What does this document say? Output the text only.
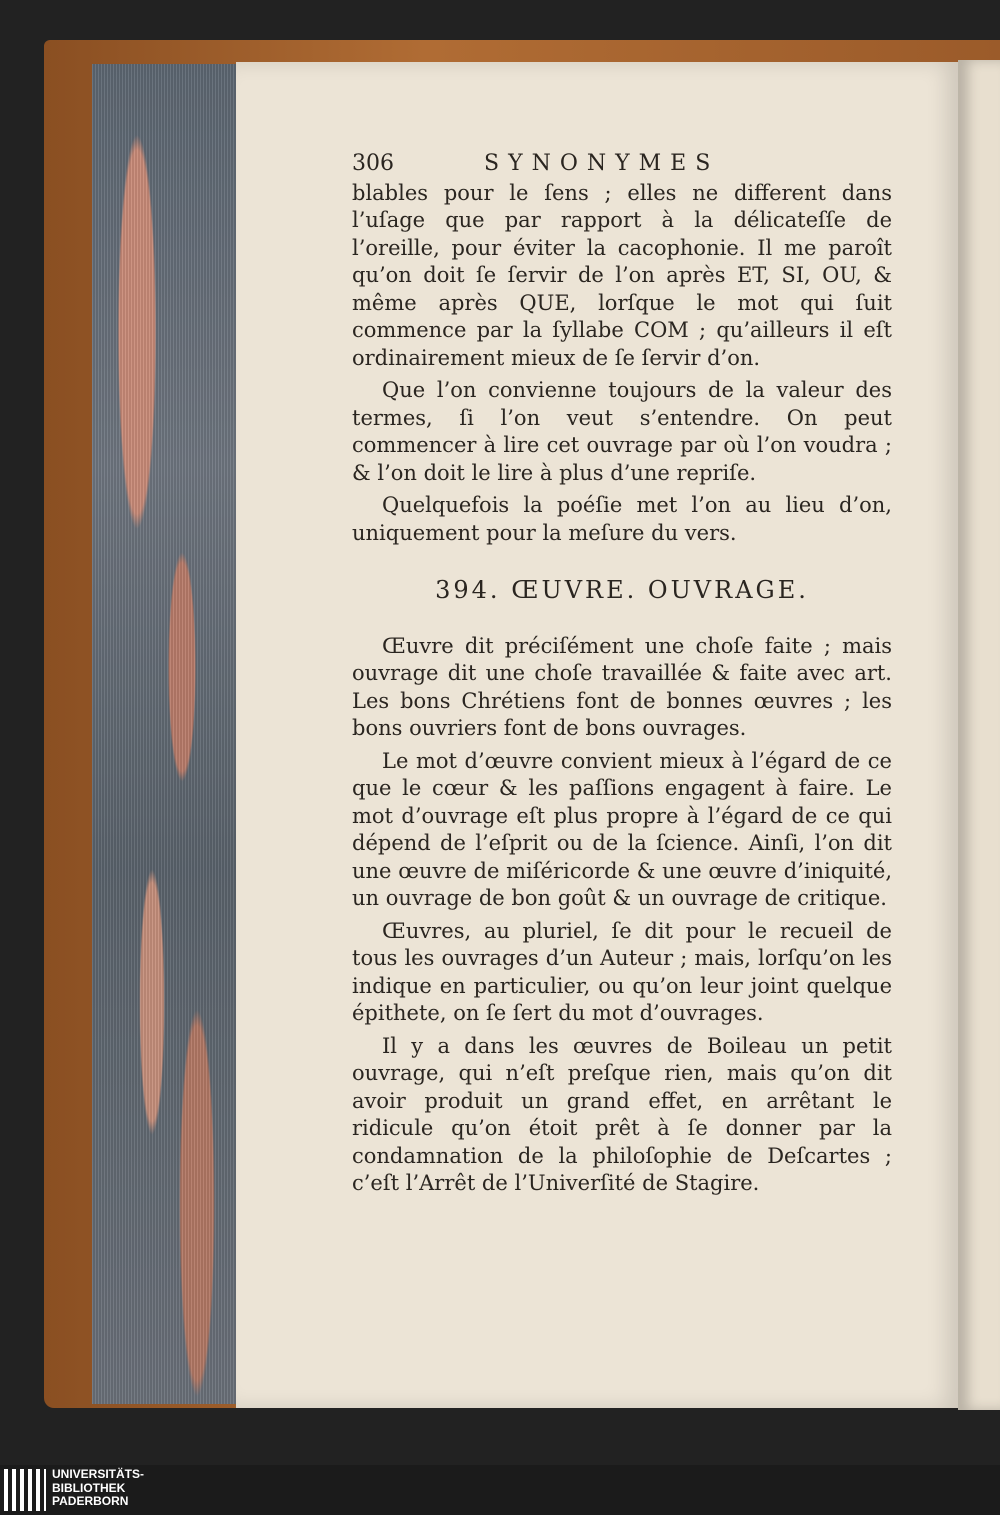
306	SYNONYMES

blables pour le ſens ; elles ne different dans l’uſage que par rapport à la délicateſſe de l’oreille, pour éviter la cacophonie. Il me paroît qu’on doit ſe ſervir de l’on après ET, SI, OU, & même après QUE, lorſque le mot qui ſuit commence par la ſyllabe COM ; qu’ailleurs il eſt ordinairement mieux de ſe ſervir d’on.

Que l’on convienne toujours de la valeur des termes, ſi l’on veut s’entendre. On peut commencer à lire cet ouvrage par où l’on voudra ; & l’on doit le lire à plus d’une repriſe.

Quelquefois la poéſie met l’on au lieu d’on, uniquement pour la meſure du vers.

394. ŒUVRE. OUVRAGE.

Œuvre dit préciſément une choſe faite ; mais ouvrage dit une choſe travaillée & faite avec art. Les bons Chrétiens font de bonnes œuvres ; les bons ouvriers font de bons ouvrages.

Le mot d’œuvre convient mieux à l’égard de ce que le cœur & les paſſions engagent à faire. Le mot d’ouvrage eſt plus propre à l’égard de ce qui dépend de l’eſprit ou de la ſcience. Ainſi, l’on dit une œuvre de miſéricorde & une œuvre d’iniquité, un ouvrage de bon goût & un ouvrage de critique.

Œuvres, au pluriel, ſe dit pour le recueil de tous les ouvrages d’un Auteur ; mais, lorſqu’on les indique en particulier, ou qu’on leur joint quelque épithete, on ſe ſert du mot d’ouvrages.

Il y a dans les œuvres de Boileau un petit ouvrage, qui n’eſt preſque rien, mais qu’on dit avoir produit un grand effet, en arrêtant le ridicule qu’on étoit prêt à ſe donner par la condamnation de la philoſophie de Deſcartes ; c’eſt l’Arrêt de l’Univerſité de Stagire.

UNIVERSITÄTS-
BIBLIOTHEK
PADERBORN
